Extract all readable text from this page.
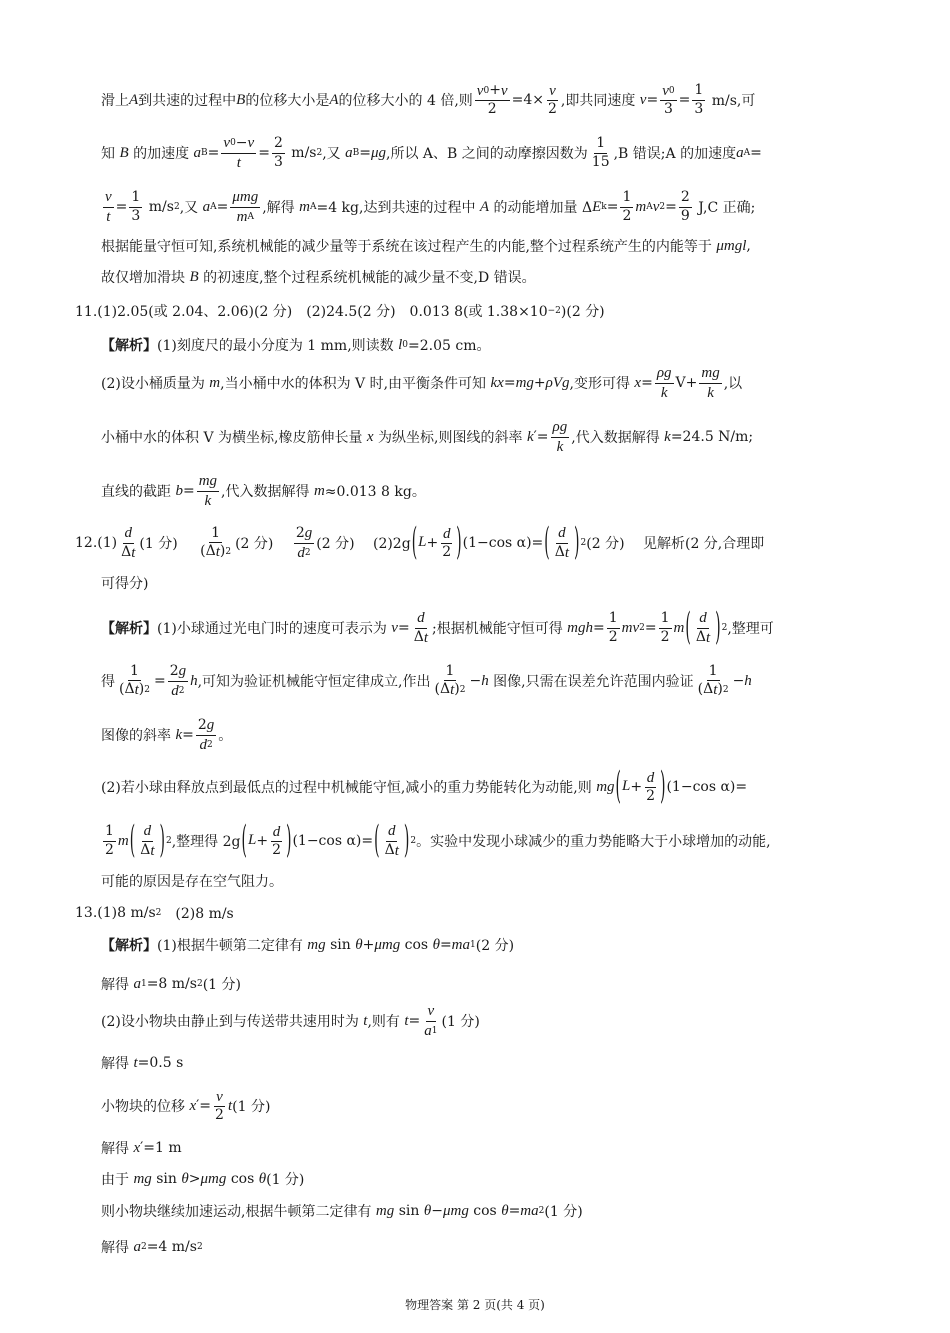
滑上 A 到共速的过程中 B 的位移大小是 A 的位移大小的 4 倍,则 $\frac{v 0 + v}{2} =4\times \frac{v}{2}$ ,即共同速度 $v = \frac{v 0}{3} = \frac{1}{3} m/s$,可
知 B 的加速度 a $B = \frac{v 0 - v}{t} = \frac{2}{3} m/s$ 2 ,又 a B = μg ,所以 A、B 之间的动摩擦因数为 $\frac{1}{15} ,B$ 错误;A 的加速度 a A =
$\frac{v}{t} = \frac{1}{3} m/s$ 2 ,又 a $A = \frac{\text{μmg}}{\text{m A}}$ ,解得 m A =4 kg,达到共速的过程中 A 的动能增加量 Δ E $k = \frac{1}{2}$ m A v $2 = \frac{2}{9} J,C$ 正确;
根据能量守恒可知,系统机械能的减少量等于系统在该过程产生的内能,整个过程系统产生的内能等于 μmgl ,
故仅增加滑块 B 的初速度,整个过程系统机械能的减少量不变,D 错误。
11.(1)2.05(或 2.04、2.06)(2 分)　(2)24.5(2 分)　0.013 8(或 1.38×10 −2 )(2 分)
【解析】 (1)刻度尺的最小分度为 1 mm,则读数 l 0 =2.05 cm。
(2)设小桶质量为 m ,当小桶中水的体积为 V 时,由平衡条件可知 kx = mg + ρVg ,变形可得 $x = \frac{\rho g}{k} V+ \frac{mg}{k}$ ,以
小桶中水的体积 V 为横坐标,橡皮筋伸长量 x 为纵坐标,则图线的斜率 k ′= $\frac{\rho g}{k}$ ,代入数据解得 k =24.5 N/m;
直线的截距 $b = \frac{mg}{k}$ ,代入数据解得 m ≈0.013 8 kg。
$12.(1) \frac{d}{\text{Δ t}} (1$ 分)　 $\frac{1}{\text{(Δ t ) 2}} (2$ 分)　 $\frac{2 g}{d 2} (2$ 分)　 (2)2g ( $L + \frac{d}{2}$ ) (1−cos α)= ( $\frac{d}{\text{Δ t}}$ ) 2 (2 分)　 见解析(2 分,合理即
可得分)
【解析】 (1)小球通过光电门时的速度可表示为 $v = \frac{d}{\text{Δ t}}$ ;根据机械能守恒可得 mgh = $\frac{1}{2}$ mv $2 = \frac{1}{2}$ m ( $\frac{d}{\text{Δ t}}$ ) 2 ,整理可
得 $\frac{1}{\text{(Δ t ) 2}} = \frac{2 g}{d 2}$ h ,可知为验证机械能守恒定律成立,作出 $\frac{1}{\text{(Δ t ) 2}} - h$ 图像,只需在误差允许范围内验证 $\frac{1}{\text{(Δ t ) 2}} - h$
图像的斜率 $k = \frac{2 g}{d 2}$ 。
(2)若小球由释放点到最低点的过程中机械能守恒,减小的重力势能转化为动能,则 mg ( $L + \frac{d}{2}$ ) (1−cos α)=
$\frac{1}{2}$ m ( $\frac{d}{\text{Δ t}}$ ) 2 ,整理得 2g ( $L + \frac{d}{2}$ ) (1−cos α)= ( $\frac{d}{\text{Δ t}}$ ) 2 。实验中发现小球减少的重力势能略大于小球增加的动能,
可能的原因是存在空气阻力。
13.(1)8 m/s 2 　(2)8 m/s
【解析】 (1)根据牛顿第二定律有 mg sin θ + μmg cos θ = ma 1 (2 分)
解得 a 1 =8 m/s 2 (1 分)
(2)设小物块由静止到与传送带共速用时为 t ,则有 $t = \frac{v}{a 1} (1$ 分)
解得 t =0.5 s
小物块的位移 x ′= $\frac{v}{2}$ t (1 分)
解得 x ′=1 m
由于 mg sin θ > μmg cos θ (1 分)
则小物块继续加速运动,根据牛顿第二定律有 mg sin θ − μmg cos θ = ma 2 (1 分)
解得 a 2 =4 m/s 2
物理答案 第 2 页(共 4 页)
